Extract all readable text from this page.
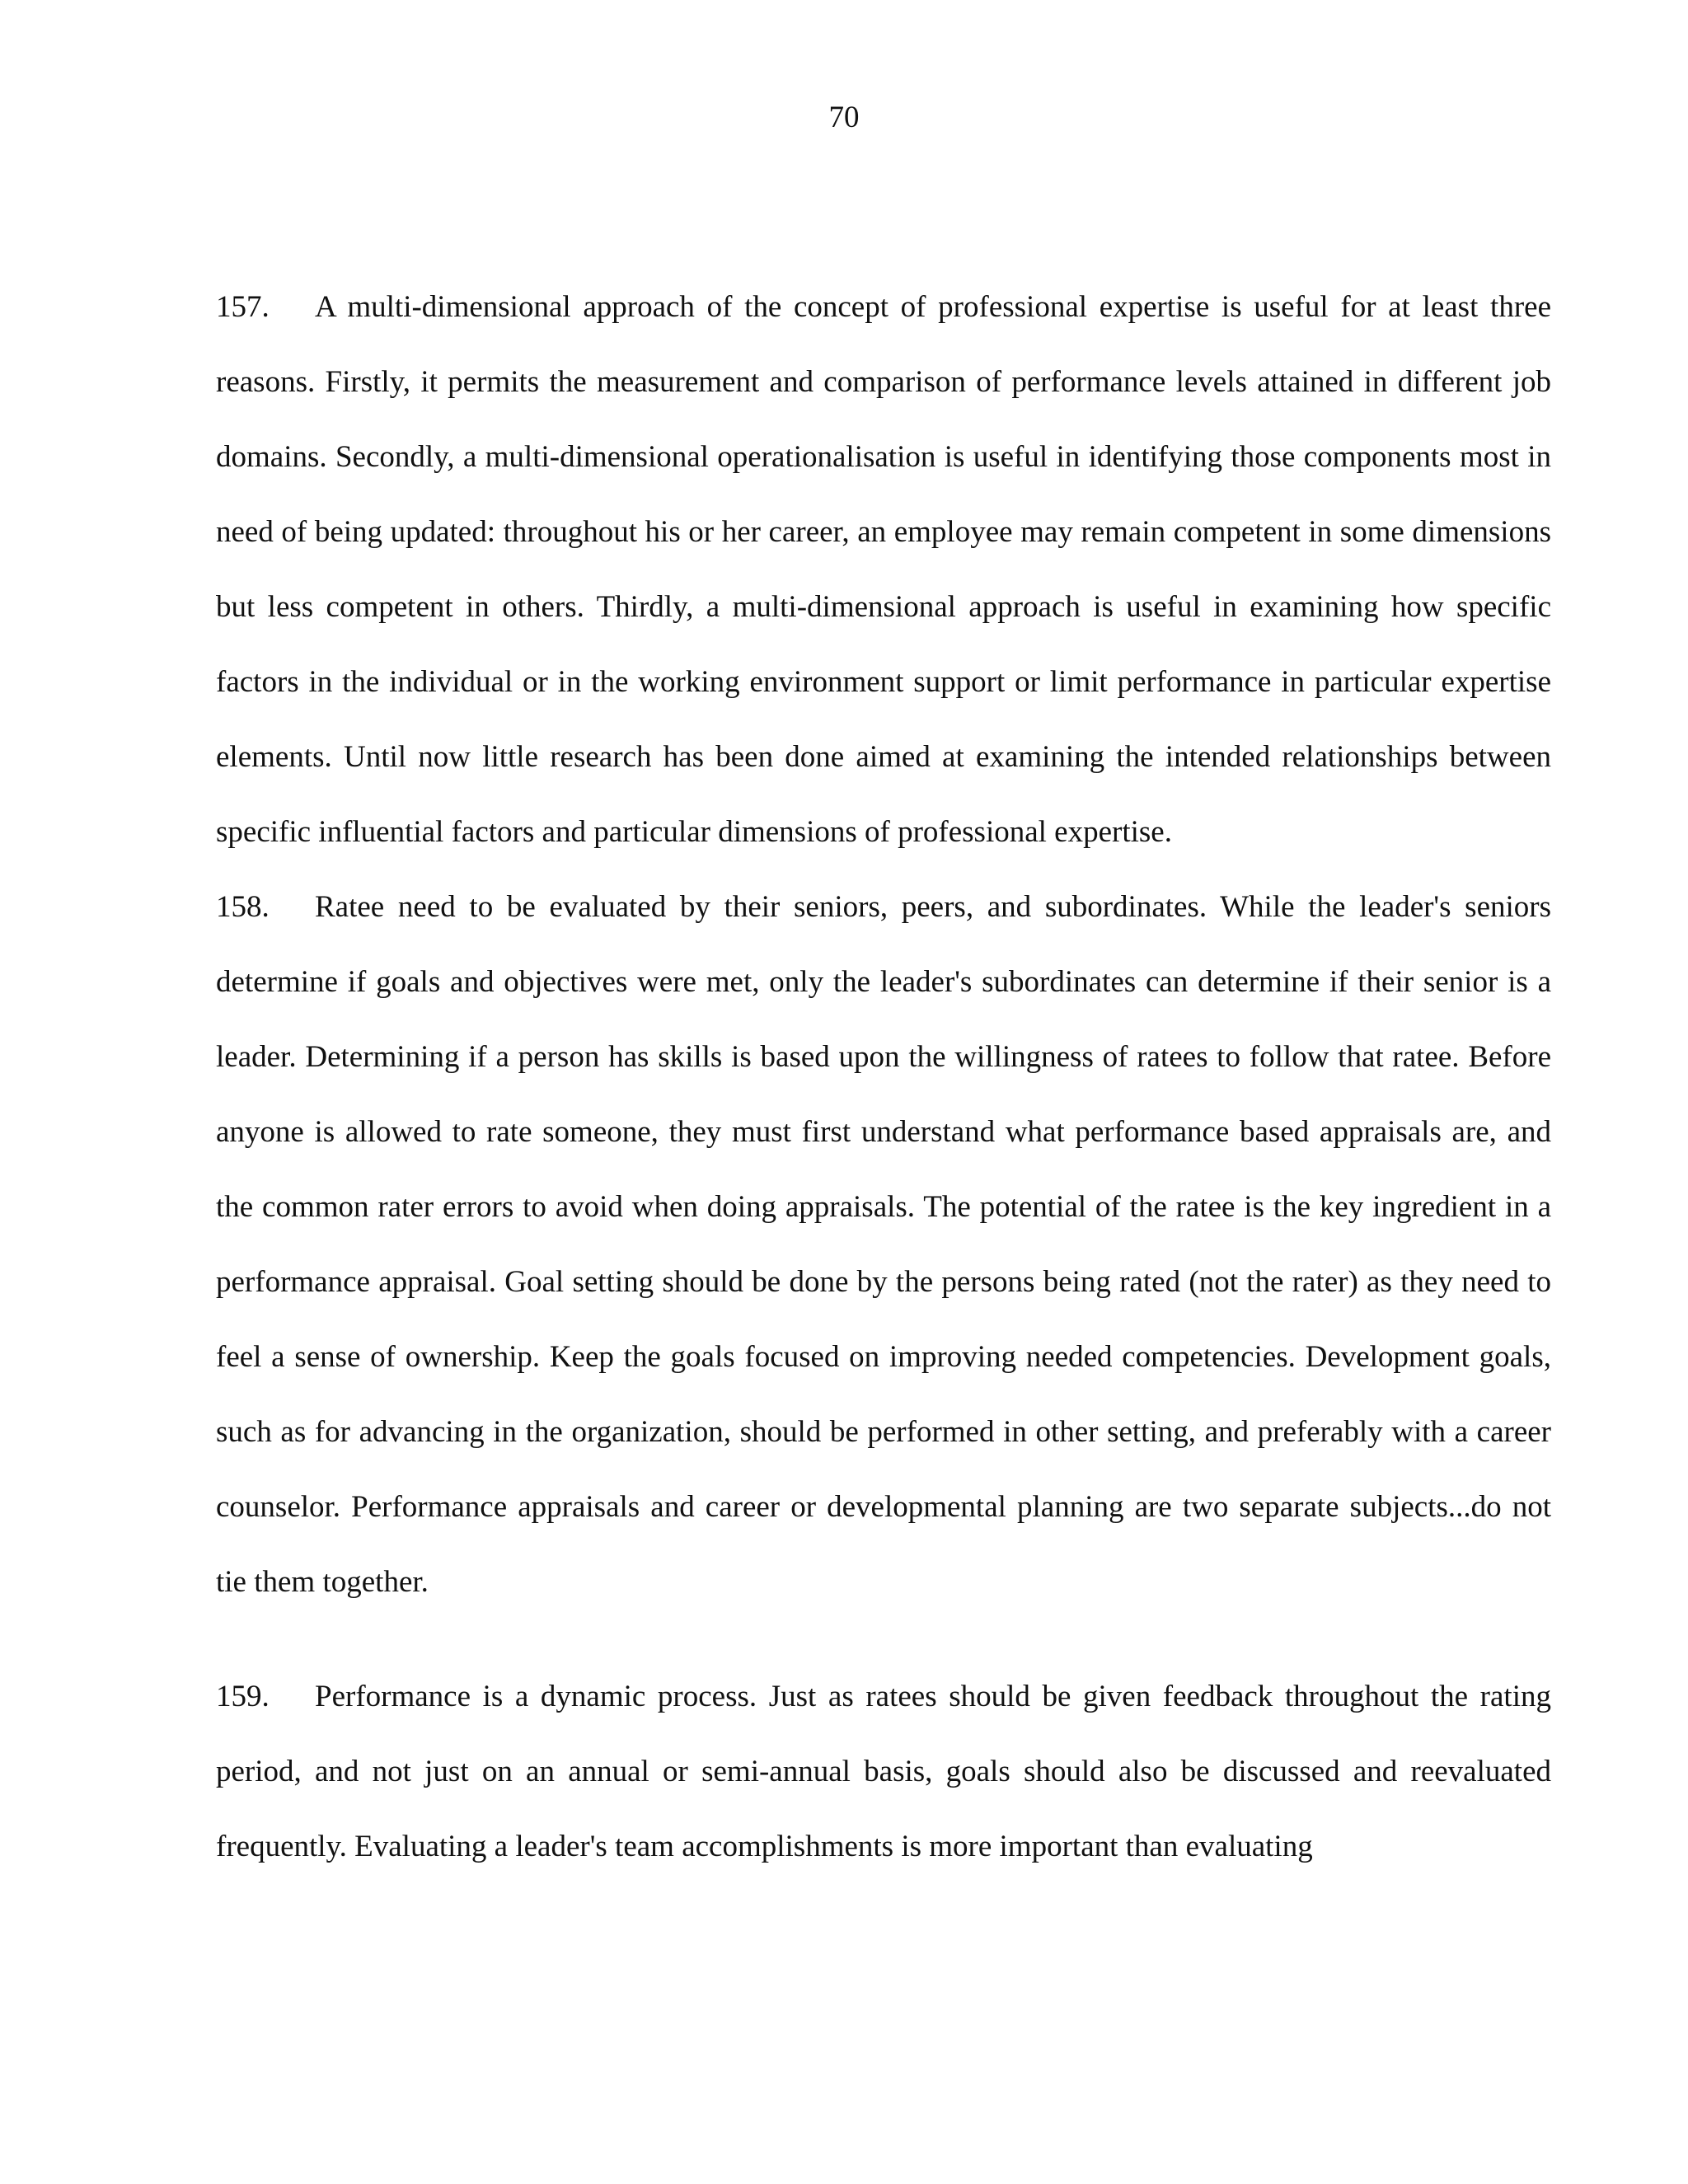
70

157. A multi-dimensional approach of the concept of professional expertise is useful for at least three reasons. Firstly, it permits the measurement and comparison of performance levels attained in different job domains. Secondly, a multi-dimensional operationalisation is useful in identifying those components most in need of being updated: throughout his or her career, an employee may remain competent in some dimensions but less competent in others. Thirdly, a multi-dimensional approach is useful in examining how specific factors in the individual or in the working environment support or limit performance in particular expertise elements. Until now little research has been done aimed at examining the intended relationships between specific influential factors and particular dimensions of professional expertise.

158. Ratee need to be evaluated by their seniors, peers, and subordinates. While the leader's seniors determine if goals and objectives were met, only the leader's subordinates can determine if their senior is a leader. Determining if a person has skills is based upon the willingness of ratees to follow that ratee. Before anyone is allowed to rate someone, they must first understand what performance based appraisals are, and the common rater errors to avoid when doing appraisals. The potential of the ratee is the key ingredient in a performance appraisal. Goal setting should be done by the persons being rated (not the rater) as they need to feel a sense of ownership. Keep the goals focused on improving needed competencies. Development goals, such as for advancing in the organization, should be performed in other setting, and preferably with a career counselor. Performance appraisals and career or developmental planning are two separate subjects...do not tie them together.

159. Performance is a dynamic process. Just as ratees should be given feedback throughout the rating period, and not just on an annual or semi-annual basis, goals should also be discussed and reevaluated frequently. Evaluating a leader's team accomplishments is more important than evaluating
